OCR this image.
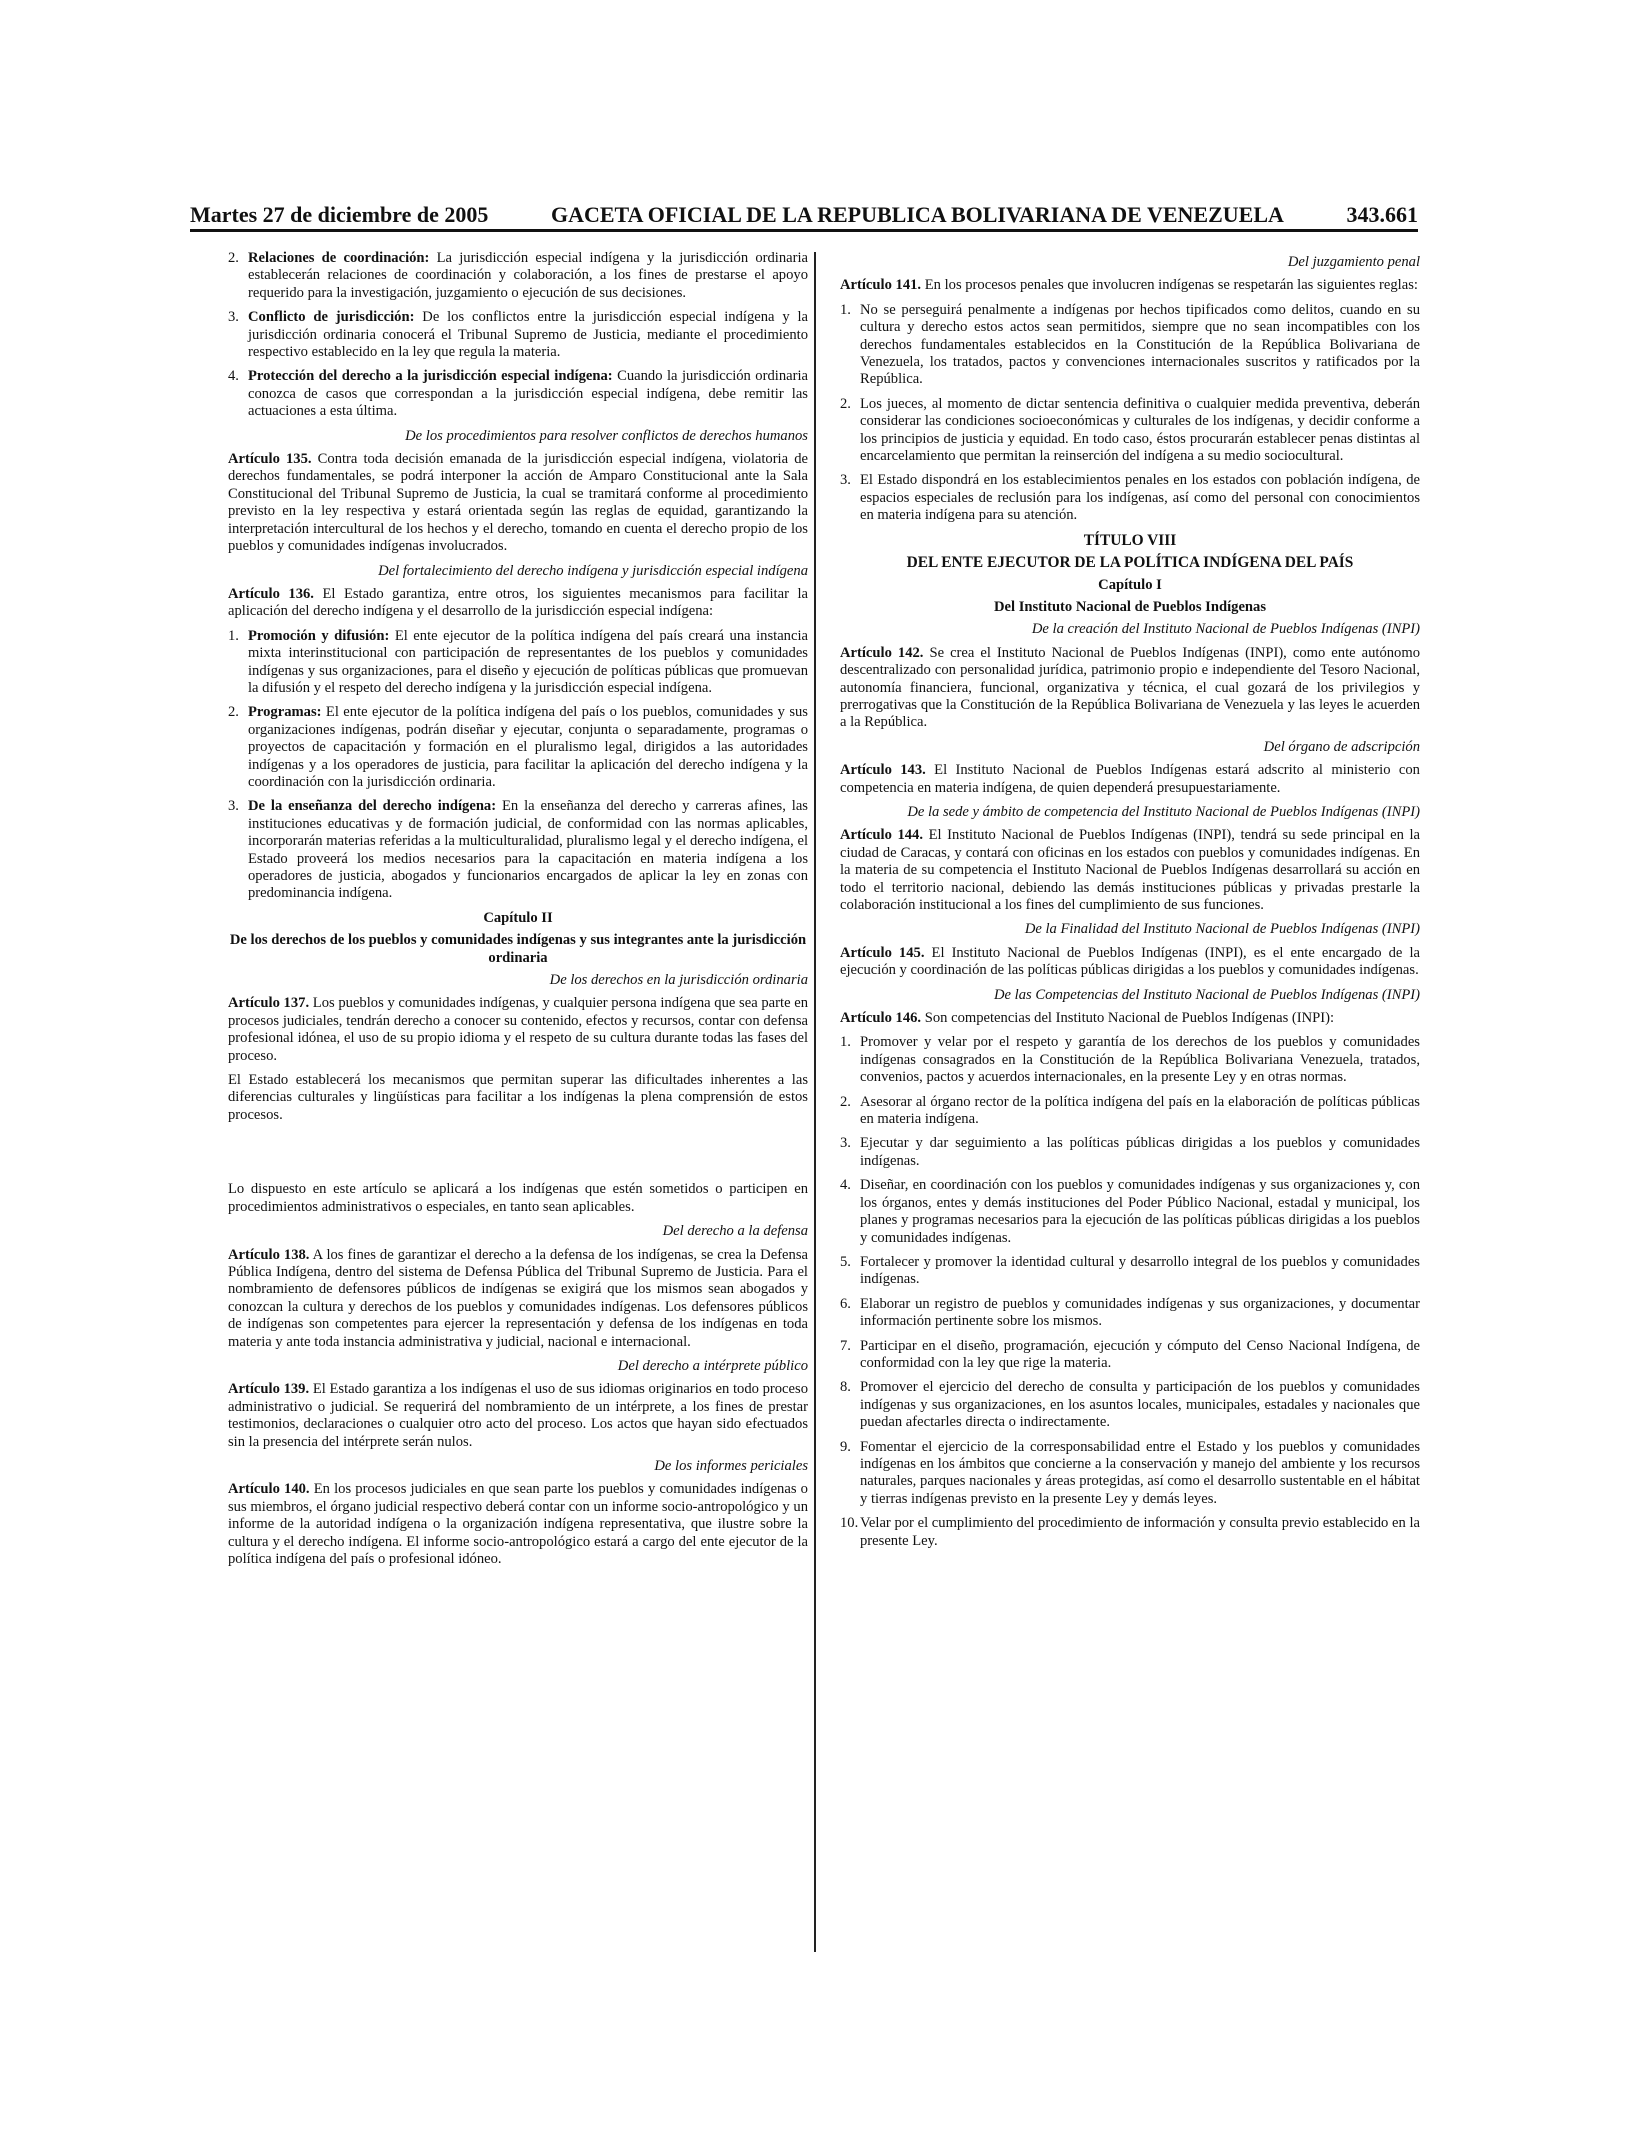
Martes 27 de diciembre de 2005	GACETA OFICIAL DE LA REPUBLICA BOLIVARIANA DE VENEZUELA	343.661
2. Relaciones de coordinación: La jurisdicción especial indígena y la jurisdicción ordinaria establecerán relaciones de coordinación y colaboración, a los fines de prestarse el apoyo requerido para la investigación, juzgamiento o ejecución de sus decisiones.
3. Conflicto de jurisdicción: De los conflictos entre la jurisdicción especial indígena y la jurisdicción ordinaria conocerá el Tribunal Supremo de Justicia, mediante el procedimiento respectivo establecido en la ley que regula la materia.
4. Protección del derecho a la jurisdicción especial indígena: Cuando la jurisdicción ordinaria conozca de casos que correspondan a la jurisdicción especial indígena, debe remitir las actuaciones a esta última.
De los procedimientos para resolver conflictos de derechos humanos

Artículo 135. Contra toda decisión emanada de la jurisdicción especial indígena, violatoria de derechos fundamentales, se podrá interponer la acción de Amparo Constitucional ante la Sala Constitucional del Tribunal Supremo de Justicia, la cual se tramitará conforme al procedimiento previsto en la ley respectiva y estará orientada según las reglas de equidad, garantizando la interpretación intercultural de los hechos y el derecho, tomando en cuenta el derecho propio de los pueblos y comunidades indígenas involucrados.

Del fortalecimiento del derecho indígena y jurisdicción especial indígena

Artículo 136. El Estado garantiza, entre otros, los siguientes mecanismos para facilitar la aplicación del derecho indígena y el desarrollo de la jurisdicción especial indígena:

1. Promoción y difusión: El ente ejecutor de la política indígena del país creará una instancia mixta interinstitucional con participación de representantes de los pueblos y comunidades indígenas y sus organizaciones, para el diseño y ejecución de políticas públicas que promuevan la difusión y el respeto del derecho indígena y la jurisdicción especial indígena.
2. Programas: El ente ejecutor de la política indígena del país o los pueblos, comunidades y sus organizaciones indígenas, podrán diseñar y ejecutar, conjunta o separadamente, programas o proyectos de capacitación y formación en el pluralismo legal, dirigidos a las autoridades indígenas y a los operadores de justicia, para facilitar la aplicación del derecho indígena y la coordinación con la jurisdicción ordinaria.
3. De la enseñanza del derecho indígena: En la enseñanza del derecho y carreras afines, las instituciones educativas y de formación judicial, de conformidad con las normas aplicables, incorporarán materias referidas a la multiculturalidad, pluralismo legal y el derecho indígena, el Estado proveerá los medios necesarios para la capacitación en materia indígena a los operadores de justicia, abogados y funcionarios encargados de aplicar la ley en zonas con predominancia indígena.
Capítulo II
De los derechos de los pueblos y comunidades indígenas y sus integrantes ante la jurisdicción ordinaria
De los derechos en la jurisdicción ordinaria

Artículo 137. Los pueblos y comunidades indígenas, y cualquier persona indígena que sea parte en procesos judiciales, tendrán derecho a conocer su contenido, efectos y recursos, contar con defensa profesional idónea, el uso de su propio idioma y el respeto de su cultura durante todas las fases del proceso.

El Estado establecerá los mecanismos que permitan superar las dificultades inherentes a las diferencias culturales y lingüísticas para facilitar a los indígenas la plena comprensión de estos procesos.

Lo dispuesto en este artículo se aplicará a los indígenas que estén sometidos o participen en procedimientos administrativos o especiales, en tanto sean aplicables.

Del derecho a la defensa

Artículo 138. A los fines de garantizar el derecho a la defensa de los indígenas, se crea la Defensa Pública Indígena, dentro del sistema de Defensa Pública del Tribunal Supremo de Justicia. Para el nombramiento de defensores públicos de indígenas se exigirá que los mismos sean abogados y conozcan la cultura y derechos de los pueblos y comunidades indígenas. Los defensores públicos de indígenas son competentes para ejercer la representación y defensa de los indígenas en toda materia y ante toda instancia administrativa y judicial, nacional e internacional.

Del derecho a intérprete público

Artículo 139. El Estado garantiza a los indígenas el uso de sus idiomas originarios en todo proceso administrativo o judicial. Se requerirá del nombramiento de un intérprete, a los fines de prestar testimonios, declaraciones o cualquier otro acto del proceso. Los actos que hayan sido efectuados sin la presencia del intérprete serán nulos.

De los informes periciales

Artículo 140. En los procesos judiciales en que sean parte los pueblos y comunidades indígenas o sus miembros, el órgano judicial respectivo deberá contar con un informe socio-antropológico y un informe de la autoridad indígena o la organización indígena representativa, que ilustre sobre la cultura y el derecho indígena. El informe socio-antropológico estará a cargo del ente ejecutor de la política indígena del país o profesional idóneo.

Del juzgamiento penal

Artículo 141. En los procesos penales que involucren indígenas se respetarán las siguientes reglas:

1. No se perseguirá penalmente a indígenas por hechos tipificados como delitos, cuando en su cultura y derecho estos actos sean permitidos, siempre que no sean incompatibles con los derechos fundamentales establecidos en la Constitución de la República Bolivariana de Venezuela, los tratados, pactos y convenciones internacionales suscritos y ratificados por la República.
2. Los jueces, al momento de dictar sentencia definitiva o cualquier medida preventiva, deberán considerar las condiciones socioeconómicas y culturales de los indígenas, y decidir conforme a los principios de justicia y equidad. En todo caso, éstos procurarán establecer penas distintas al encarcelamiento que permitan la reinserción del indígena a su medio sociocultural.
3. El Estado dispondrá en los establecimientos penales en los estados con población indígena, de espacios especiales de reclusión para los indígenas, así como del personal con conocimientos en materia indígena para su atención.
TÍTULO VIII
DEL ENTE EJECUTOR DE LA POLÍTICA INDÍGENA DEL PAÍS
Capítulo I
Del Instituto Nacional de Pueblos Indígenas
De la creación del Instituto Nacional de Pueblos Indígenas (INPI)

Artículo 142. Se crea el Instituto Nacional de Pueblos Indígenas (INPI), como ente autónomo descentralizado con personalidad jurídica, patrimonio propio e independiente del Tesoro Nacional, autonomía financiera, funcional, organizativa y técnica, el cual gozará de los privilegios y prerrogativas que la Constitución de la República Bolivariana de Venezuela y las leyes le acuerden a la República.

Del órgano de adscripción

Artículo 143. El Instituto Nacional de Pueblos Indígenas estará adscrito al ministerio con competencia en materia indígena, de quien dependerá presupuestariamente.

De la sede y ámbito de competencia del Instituto Nacional de Pueblos Indígenas (INPI)

Artículo 144. El Instituto Nacional de Pueblos Indígenas (INPI), tendrá su sede principal en la ciudad de Caracas, y contará con oficinas en los estados con pueblos y comunidades indígenas. En la materia de su competencia el Instituto Nacional de Pueblos Indígenas desarrollará su acción en todo el territorio nacional, debiendo las demás instituciones públicas y privadas prestarle la colaboración institucional a los fines del cumplimiento de sus funciones.

De la Finalidad del Instituto Nacional de Pueblos Indígenas (INPI)

Artículo 145. El Instituto Nacional de Pueblos Indígenas (INPI), es el ente encargado de la ejecución y coordinación de las políticas públicas dirigidas a los pueblos y comunidades indígenas.

De las Competencias del Instituto Nacional de Pueblos Indígenas (INPI)

Artículo 146. Son competencias del Instituto Nacional de Pueblos Indígenas (INPI):

1. Promover y velar por el respeto y garantía de los derechos de los pueblos y comunidades indígenas consagrados en la Constitución de la República Bolivariana Venezuela, tratados, convenios, pactos y acuerdos internacionales, en la presente Ley y en otras normas.
2. Asesorar al órgano rector de la política indígena del país en la elaboración de políticas públicas en materia indígena.
3. Ejecutar y dar seguimiento a las políticas públicas dirigidas a los pueblos y comunidades indígenas.
4. Diseñar, en coordinación con los pueblos y comunidades indígenas y sus organizaciones y, con los órganos, entes y demás instituciones del Poder Público Nacional, estadal y municipal, los planes y programas necesarios para la ejecución de las políticas públicas dirigidas a los pueblos y comunidades indígenas.
5. Fortalecer y promover la identidad cultural y desarrollo integral de los pueblos y comunidades indígenas.
6. Elaborar un registro de pueblos y comunidades indígenas y sus organizaciones, y documentar información pertinente sobre los mismos.
7. Participar en el diseño, programación, ejecución y cómputo del Censo Nacional Indígena, de conformidad con la ley que rige la materia.
8. Promover el ejercicio del derecho de consulta y participación de los pueblos y comunidades indígenas y sus organizaciones, en los asuntos locales, municipales, estadales y nacionales que puedan afectarles directa o indirectamente.
9. Fomentar el ejercicio de la corresponsabilidad entre el Estado y los pueblos y comunidades indígenas en los ámbitos que concierne a la conservación y manejo del ambiente y los recursos naturales, parques nacionales y áreas protegidas, así como el desarrollo sustentable en el hábitat y tierras indígenas previsto en la presente Ley y demás leyes.
10. Velar por el cumplimiento del procedimiento de información y consulta previo establecido en la presente Ley.
